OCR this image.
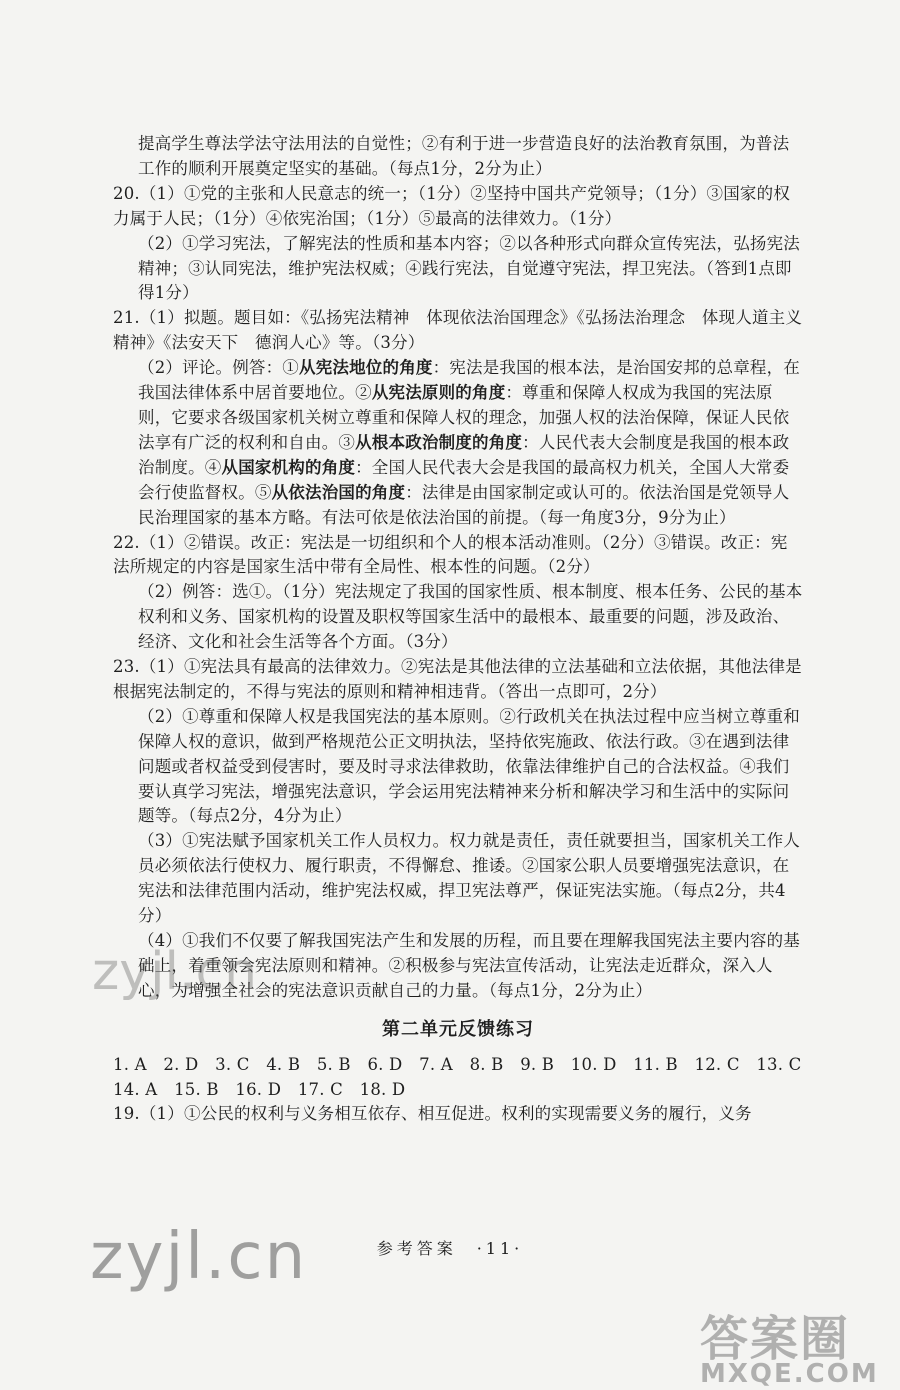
提高学生尊法学法守法用法的自觉性；②有利于进一步营造良好的法治教育氛围，为普法工作的顺利开展奠定坚实的基础。（每点1分，2分为止）

20.（1）①党的主张和人民意志的统一；（1分）②坚持中国共产党领导；（1分）③国家的权力属于人民；（1分）④依宪治国；（1分）⑤最高的法律效力。（1分）

（2）①学习宪法，了解宪法的性质和基本内容；②以各种形式向群众宣传宪法，弘扬宪法精神；③认同宪法，维护宪法权威；④践行宪法，自觉遵守宪法，捍卫宪法。（答到1点即得1分）

21.（1）拟题。题目如：《弘扬宪法精神　体现依法治国理念》《弘扬法治理念　体现人道主义精神》《法安天下　德润人心》等。（3分）

（2）评论。例答：①从宪法地位的角度：宪法是我国的根本法，是治国安邦的总章程，在我国法律体系中居首要地位。②从宪法原则的角度：尊重和保障人权成为我国的宪法原则，它要求各级国家机关树立尊重和保障人权的理念，加强人权的法治保障，保证人民依法享有广泛的权利和自由。③从根本政治制度的角度：人民代表大会制度是我国的根本政治制度。④从国家机构的角度：全国人民代表大会是我国的最高权力机关，全国人大常委会行使监督权。⑤从依法治国的角度：法律是由国家制定或认可的。依法治国是党领导人民治理国家的基本方略。有法可依是依法治国的前提。（每一角度3分，9分为止）

22.（1）②错误。改正：宪法是一切组织和个人的根本活动准则。（2分）③错误。改正：宪法所规定的内容是国家生活中带有全局性、根本性的问题。（2分）

（2）例答：选①。（1分）宪法规定了我国的国家性质、根本制度、根本任务、公民的基本权利和义务、国家机构的设置及职权等国家生活中的最根本、最重要的问题，涉及政治、经济、文化和社会生活等各个方面。（3分）

23.（1）①宪法具有最高的法律效力。②宪法是其他法律的立法基础和立法依据，其他法律是根据宪法制定的，不得与宪法的原则和精神相违背。（答出一点即可，2分）

（2）①尊重和保障人权是我国宪法的基本原则。②行政机关在执法过程中应当树立尊重和保障人权的意识，做到严格规范公正文明执法，坚持依宪施政、依法行政。③在遇到法律问题或者权益受到侵害时，要及时寻求法律救助，依靠法律维护自己的合法权益。④我们要认真学习宪法，增强宪法意识，学会运用宪法精神来分析和解决学习和生活中的实际问题等。（每点2分，4分为止）

（3）①宪法赋予国家机关工作人员权力。权力就是责任，责任就要担当，国家机关工作人员必须依法行使权力、履行职责，不得懈怠、推诿。②国家公职人员要增强宪法意识，在宪法和法律范围内活动，维护宪法权威，捍卫宪法尊严，保证宪法实施。（每点2分，共4分）

（4）①我们不仅要了解我国宪法产生和发展的历程，而且要在理解我国宪法主要内容的基础上，着重领会宪法原则和精神。②积极参与宪法宣传活动，让宪法走近群众，深入人心，为增强全社会的宪法意识贡献自己的力量。（每点1分，2分为止）

第二单元反馈练习

1. A　2. D　3. C　4. B　5. B　6. D　7. A　8. B　9. B　10. D　11. B　12. C　13. C

14. A　15. B　16. D　17. C　18. D

19.（1）①公民的权利与义务相互依存、相互促进。权利的实现需要义务的履行，义务

参考答案　·11·
zyjl.cn
zyjl.cn
答案圈
MXQE.COM
